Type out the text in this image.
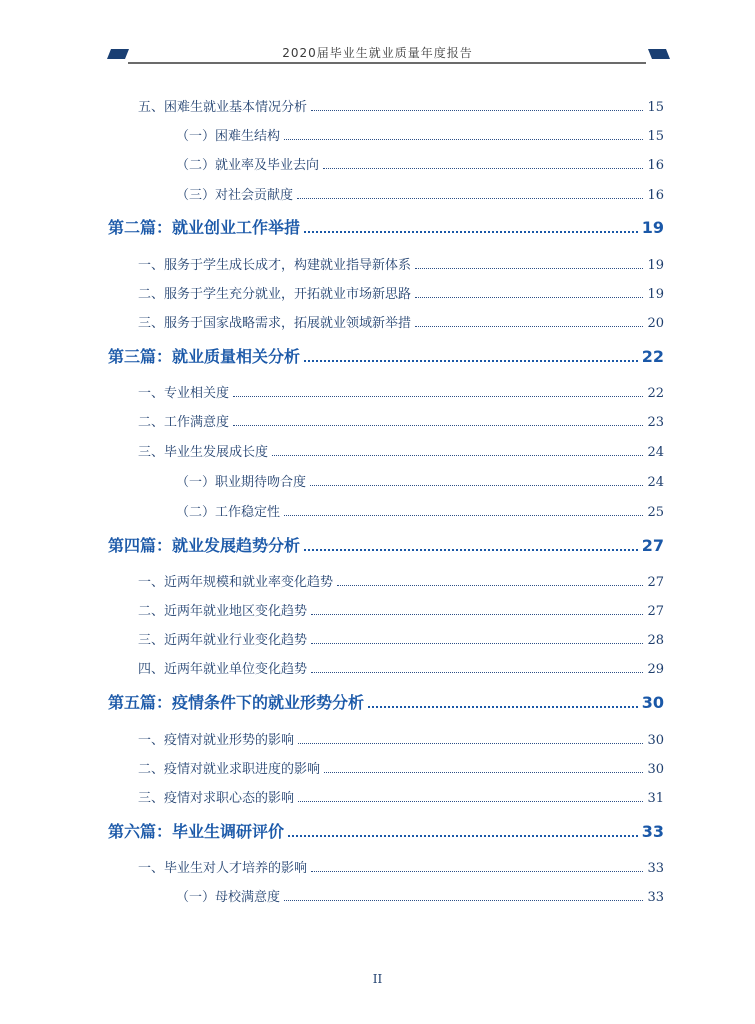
2020届毕业生就业质量年度报告
五、困难生就业基本情况分析	15
（一）困难生结构	15
（二）就业率及毕业去向	16
（三）对社会贡献度	16
第二篇：就业创业工作举措	19
一、服务于学生成长成才，构建就业指导新体系	19
二、服务于学生充分就业，开拓就业市场新思路	19
三、服务于国家战略需求，拓展就业领域新举措	20
第三篇：就业质量相关分析	22
一、专业相关度	22
二、工作满意度	23
三、毕业生发展成长度	24
（一）职业期待吻合度	24
（二）工作稳定性	25
第四篇：就业发展趋势分析	27
一、近两年规模和就业率变化趋势	27
二、近两年就业地区变化趋势	27
三、近两年就业行业变化趋势	28
四、近两年就业单位变化趋势	29
第五篇：疫情条件下的就业形势分析	30
一、疫情对就业形势的影响	30
二、疫情对就业求职进度的影响	30
三、疫情对求职心态的影响	31
第六篇：毕业生调研评价	33
一、毕业生对人才培养的影响	33
（一）母校满意度	33
II
